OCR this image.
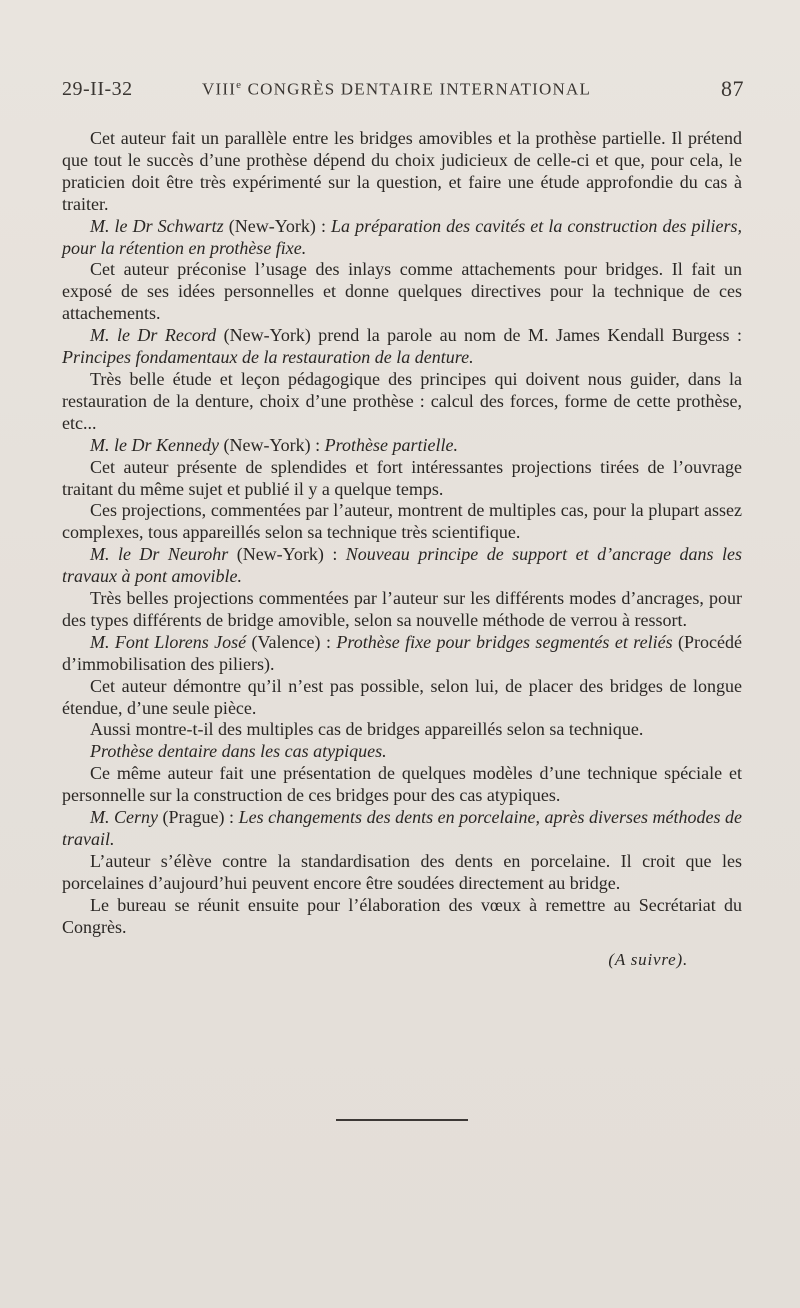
29-II-32	VIIIe CONGRÈS DENTAIRE INTERNATIONAL	87

Cet auteur fait un parallèle entre les bridges amovibles et la prothèse partielle. Il prétend que tout le succès d’une prothèse dépend du choix judicieux de celle-ci et que, pour cela, le praticien doit être très expérimenté sur la question, et faire une étude approfondie du cas à traiter.

M. le Dr Schwartz (New-York) : La préparation des cavités et la construction des piliers, pour la rétention en prothèse fixe.

Cet auteur préconise l’usage des inlays comme attachements pour bridges. Il fait un exposé de ses idées personnelles et donne quelques directives pour la technique de ces attachements.

M. le Dr Record (New-York) prend la parole au nom de M. James Kendall Burgess : Principes fondamentaux de la restauration de la denture.

Très belle étude et leçon pédagogique des principes qui doivent nous guider, dans la restauration de la denture, choix d’une prothèse : calcul des forces, forme de cette prothèse, etc...

M. le Dr Kennedy (New-York) : Prothèse partielle.

Cet auteur présente de splendides et fort intéressantes projections tirées de l’ouvrage traitant du même sujet et publié il y a quelque temps.

Ces projections, commentées par l’auteur, montrent de multiples cas, pour la plupart assez complexes, tous appareillés selon sa technique très scientifique.

M. le Dr Neurohr (New-York) : Nouveau principe de support et d’ancrage dans les travaux à pont amovible.

Très belles projections commentées par l’auteur sur les différents modes d’ancrages, pour des types différents de bridge amovible, selon sa nouvelle méthode de verrou à ressort.

M. Font Llorens José (Valence) : Prothèse fixe pour bridges segmentés et reliés (Procédé d’immobilisation des piliers).

Cet auteur démontre qu’il n’est pas possible, selon lui, de placer des bridges de longue étendue, d’une seule pièce.

Aussi montre-t-il des multiples cas de bridges appareillés selon sa technique.

Prothèse dentaire dans les cas atypiques.

Ce même auteur fait une présentation de quelques modèles d’une technique spéciale et personnelle sur la construction de ces bridges pour des cas atypiques.

M. Cerny (Prague) : Les changements des dents en porcelaine, après diverses méthodes de travail.

L’auteur s’élève contre la standardisation des dents en porcelaine. Il croit que les porcelaines d’aujourd’hui peuvent encore être soudées directement au bridge.

Le bureau se réunit ensuite pour l’élaboration des vœux à remettre au Secrétariat du Congrès.

(A suivre).
